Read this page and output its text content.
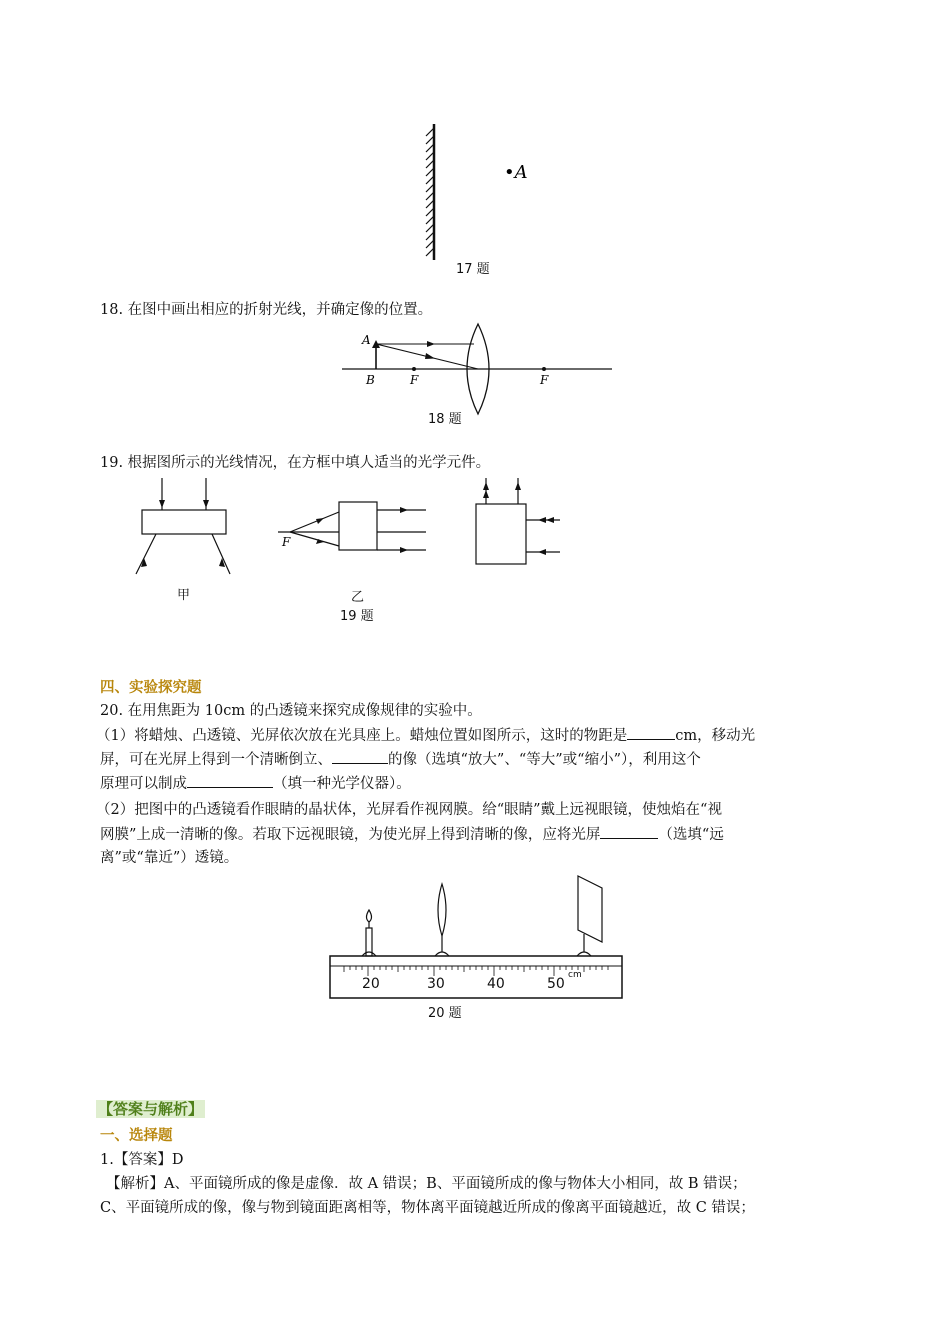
•A
17 题
18. 在图中画出相应的折射光线，并确定像的位置。
A
B	F	F
18 题
19. 根据图所示的光线情况，在方框中填人适当的光学元件。
F
甲	乙
19 题
四、实验探究题
20. 在用焦距为 10cm 的凸透镜来探究成像规律的实验中。
（1）将蜡烛、凸透镜、光屏依次放在光具座上。蜡烛位置如图所示，这时的物距是	cm，移动光
屏，可在光屏上得到一个清晰倒立、	的像（选填“放大”、“等大”或“缩小”），利用这个
原理可以制成	（填一种光学仪器）。
（2）把图中的凸透镜看作眼睛的晶状体，光屏看作视网膜。给“眼睛”戴上远视眼镜，使烛焰在“视
网膜”上成一清晰的像。若取下远视眼镜，为使光屏上得到清晰的像，应将光屏	（选填“远
离”或“靠近”）透镜。
20	30	40	50
cm
20 题
【答案与解析】
一、选择题
1.【答案】D
【解析】A、平面镜所成的像是虚像．故 A 错误；B、平面镜所成的像与物体大小相同，故 B 错误；
C、平面镜所成的像，像与物到镜面距离相等，物体离平面镜越近所成的像离平面镜越近，故 C 错误；
